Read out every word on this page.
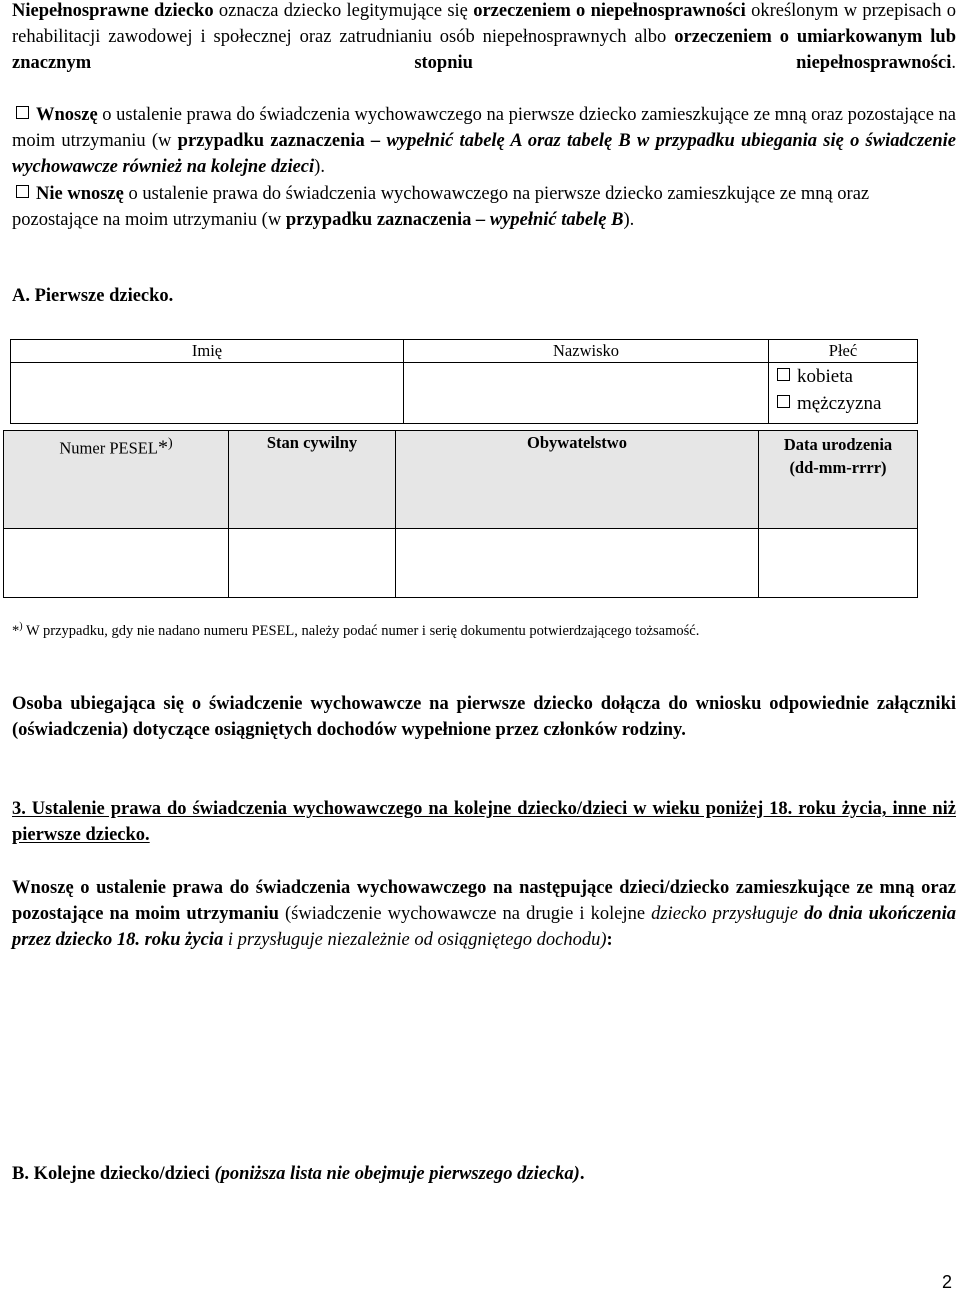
Niepełnosprawne dziecko oznacza dziecko legitymujące się orzeczeniem o niepełnosprawności określonym w przepisach o rehabilitacji zawodowej i społecznej oraz zatrudnianiu osób niepełnosprawnych albo orzeczeniem o umiarkowanym lub znacznym stopniu niepełnosprawności.

Wnoszę o ustalenie prawa do świadczenia wychowawczego na pierwsze dziecko zamieszkujące ze mną oraz pozostające na moim utrzymaniu (w przypadku zaznaczenia – wypełnić tabelę A oraz tabelę B w przypadku ubiegania się o świadczenie wychowawcze również na kolejne dzieci).

Nie wnoszę o ustalenie prawa do świadczenia wychowawczego na pierwsze dziecko zamieszkujące ze mną oraz pozostające na moim utrzymaniu (w przypadku zaznaczenia – wypełnić tabelę B).

A. Pierwsze dziecko.
Imię	Nazwisko	Płeć

		kobieta
mężczyzna
Numer PESEL*)	Stan cywilny	Obywatelstwo	Data urodzenia
(dd-mm-rrrr)

*) W przypadku, gdy nie nadano numeru PESEL, należy podać numer i serię dokumentu potwierdzającego tożsamość.

Osoba ubiegająca się o świadczenie wychowawcze na pierwsze dziecko dołącza do wniosku odpowiednie załączniki (oświadczenia) dotyczące osiągniętych dochodów wypełnione przez członków rodziny.

3. Ustalenie prawa do świadczenia wychowawczego na kolejne dziecko/dzieci w wieku poniżej 18. roku życia, inne niż pierwsze dziecko.

Wnoszę o ustalenie prawa do świadczenia wychowawczego na następujące dzieci/dziecko zamieszkujące ze mną oraz pozostające na moim utrzymaniu (świadczenie wychowawcze na drugie i kolejne dziecko przysługuje do dnia ukończenia przez dziecko 18. roku życia i przysługuje niezależnie od osiągniętego dochodu):

B. Kolejne dziecko/dzieci (poniższa lista nie obejmuje pierwszego dziecka).
2
